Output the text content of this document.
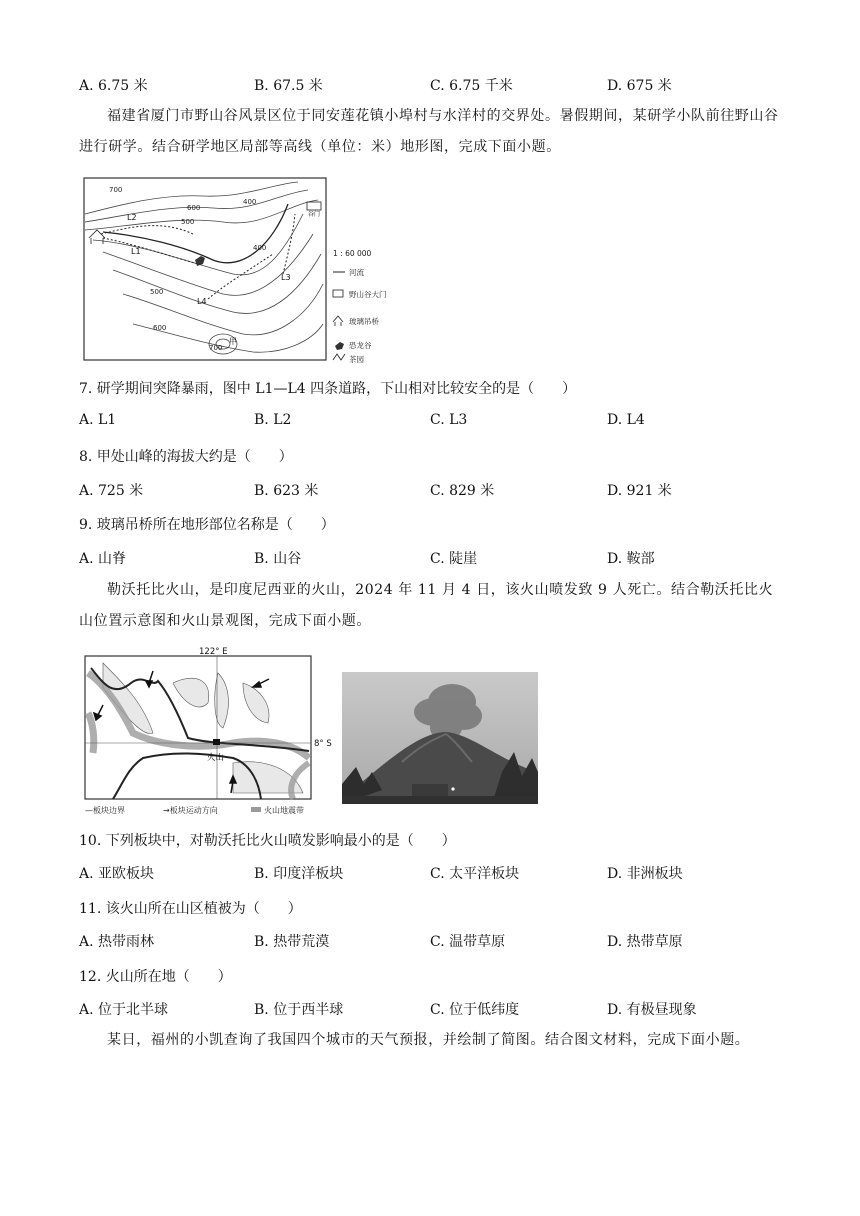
A. 6.75 米	B. 67.5 米	C. 6.75 千米	D. 675 米
福建省厦门市野山谷风景区位于同安莲花镇小埠村与水洋村的交界处。暑假期间，某研学小队前往野山谷进行研学。结合研学地区局部等高线（单位：米）地形图，完成下面小题。
700
600
500
400
400
500
600
700
L2
L1
L3
L4
甲
谷门
1 : 60 000
河流
野山谷大门
玻璃吊桥
恐龙谷
茶园
7. 研学期间突降暴雨，图中 L1—L4 四条道路，下山相对比较安全的是（　　）
A. L1	B. L2	C. L3	D. L4
8. 甲处山峰的海拔大约是（　　）
A. 725 米	B. 623 米	C. 829 米	D. 921 米
9. 玻璃吊桥所在地形部位名称是（　　）
A. 山脊	B. 山谷	C. 陡崖	D. 鞍部
勒沃托比火山，是印度尼西亚的火山，2024 年 11 月 4 日，该火山喷发致 9 人死亡。结合勒沃托比火山位置示意图和火山景观图，完成下面小题。
122° E
8° S
火山
—板块边界	→板块运动方向	火山地震带
10. 下列板块中，对勒沃托比火山喷发影响最小的是（　　）
A. 亚欧板块	B. 印度洋板块	C. 太平洋板块	D. 非洲板块
11. 该火山所在山区植被为（　　）
A. 热带雨林	B. 热带荒漠	C. 温带草原	D. 热带草原
12. 火山所在地（　　）
A. 位于北半球	B. 位于西半球	C. 位于低纬度	D. 有极昼现象
某日，福州的小凯查询了我国四个城市的天气预报，并绘制了简图。结合图文材料，完成下面小题。
